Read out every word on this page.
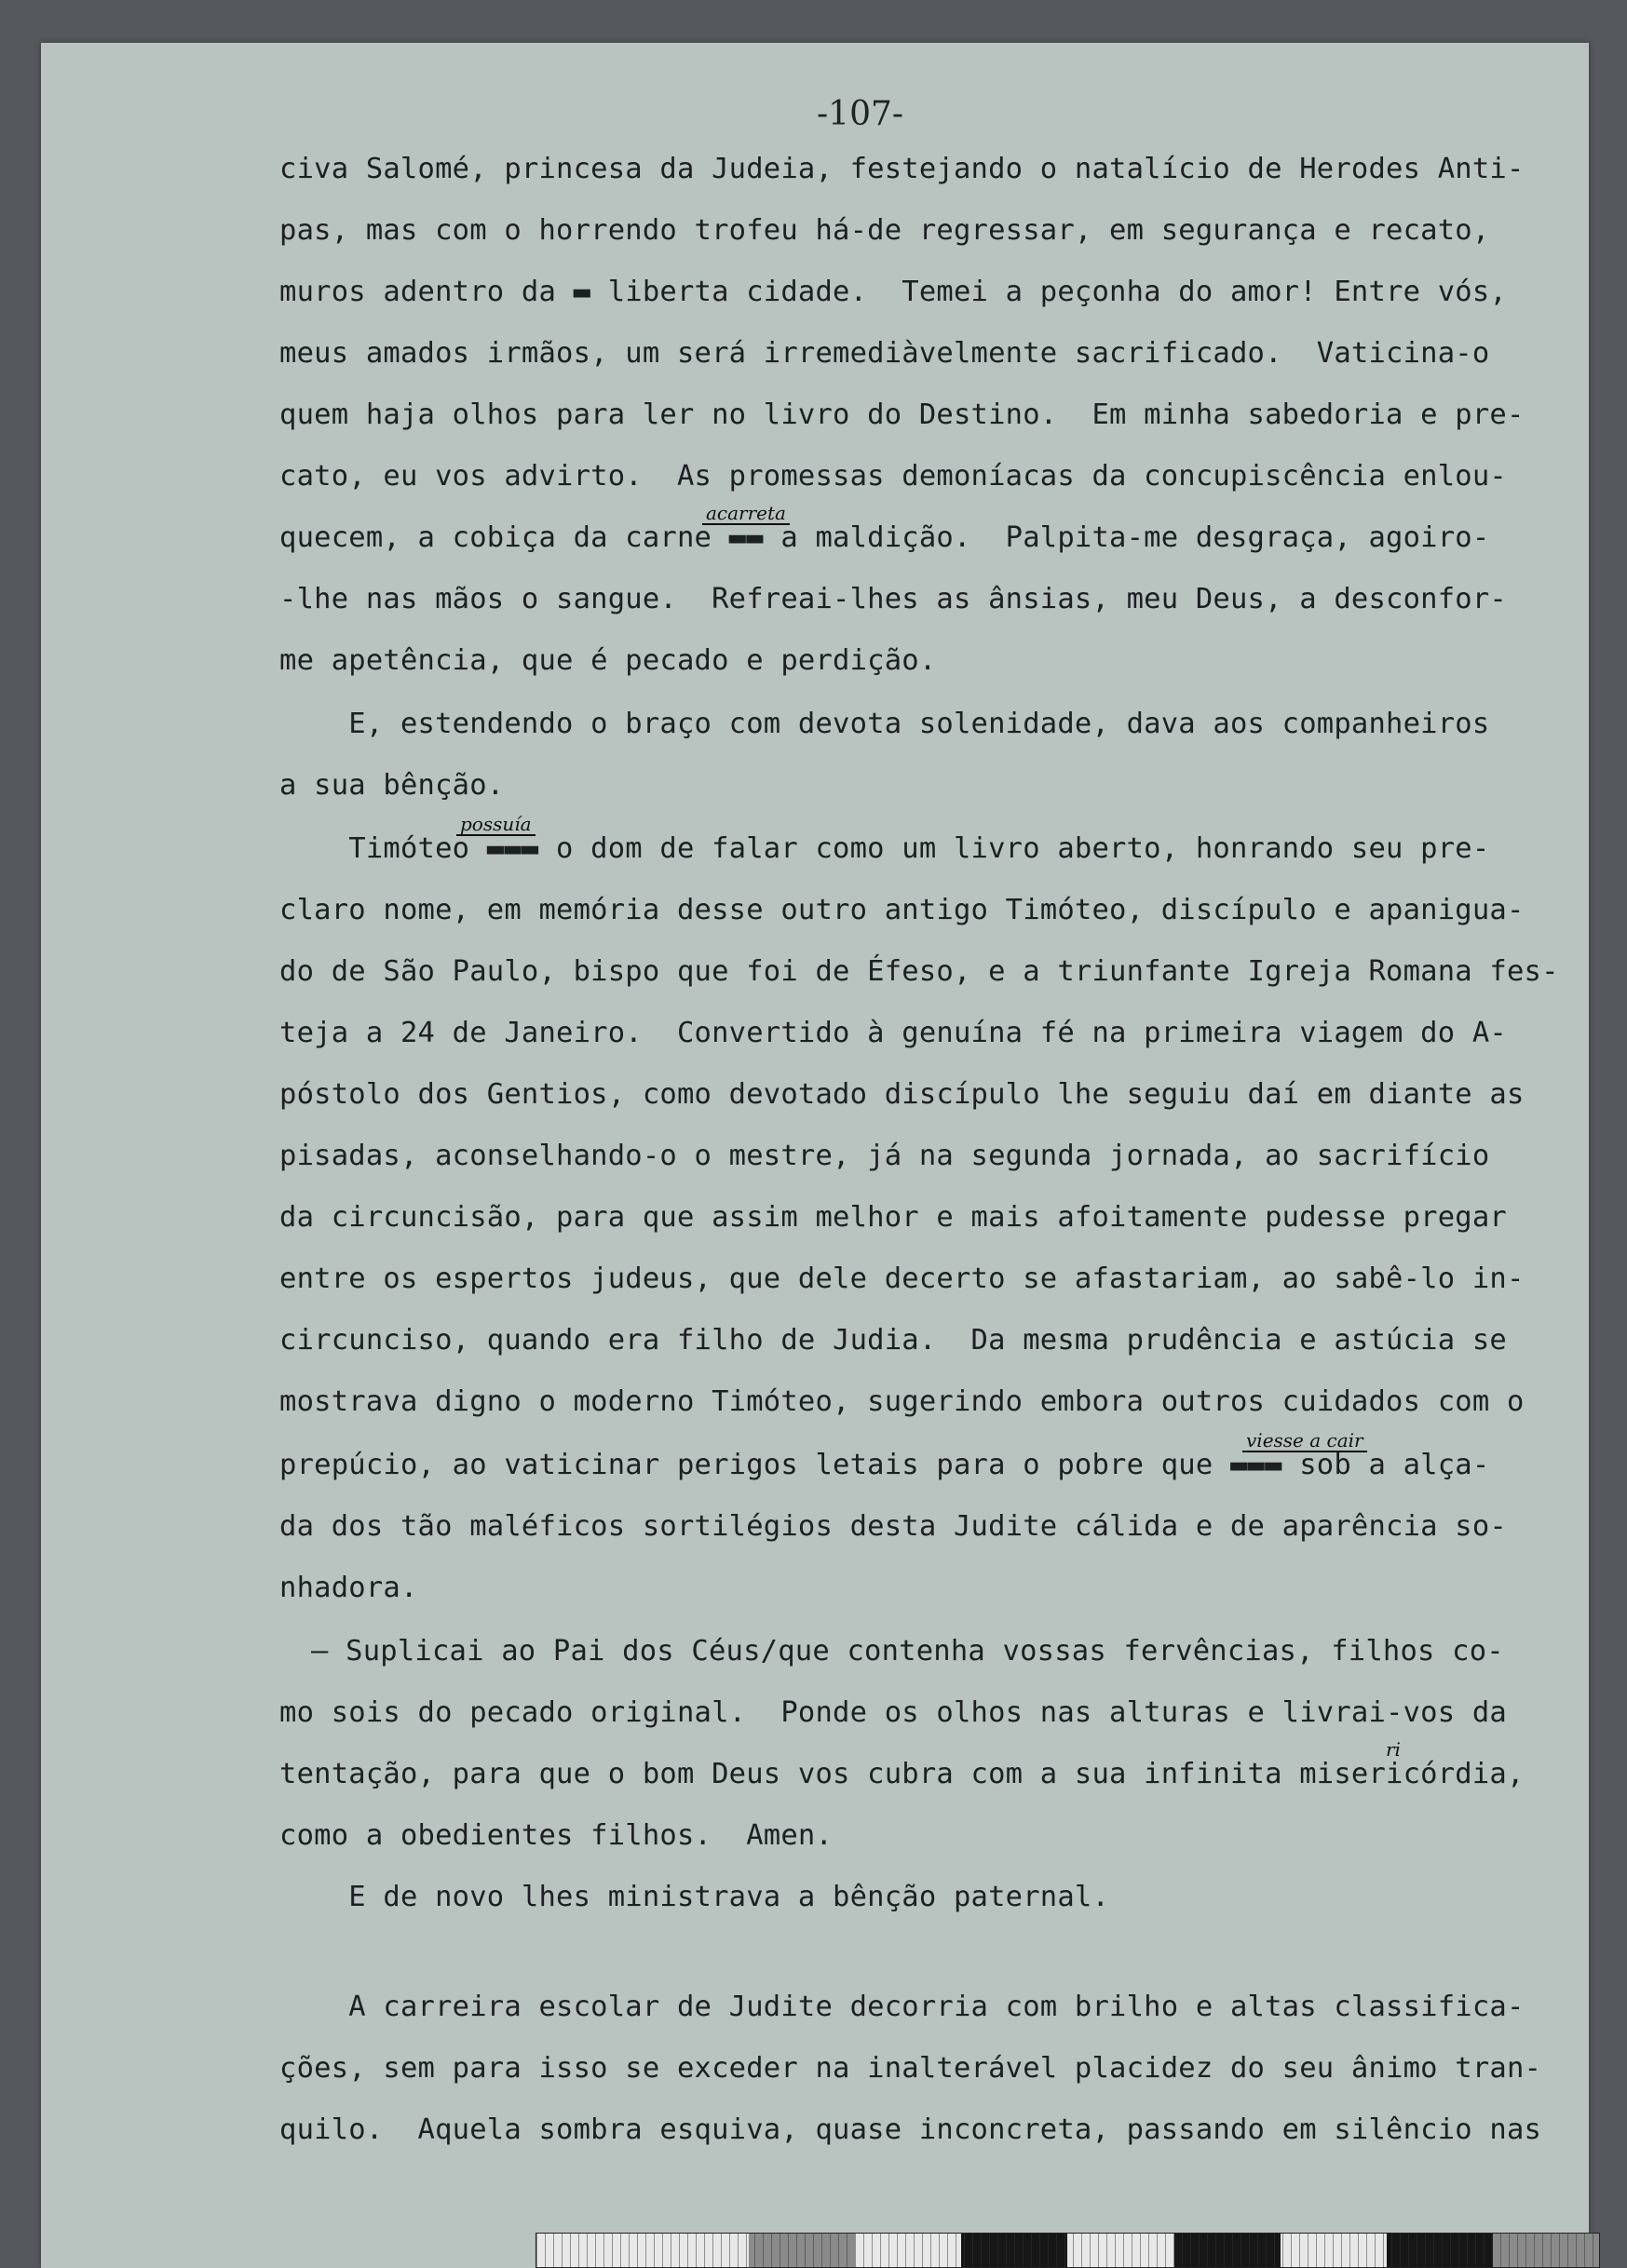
-107-
civa Salomé, princesa da Judeia, festejando o natalício de Herodes Anti-
pas, mas com o horrendo trofeu há-de regressar, em segurança e recato,
muros adentro da ▬ liberta cidade.  Temei a peçonha do amor! Entre vós,
meus amados irmãos, um será irremediàvelmente sacrificado.  Vaticina-o
quem haja olhos para ler no livro do Destino.  Em minha sabedoria e pre-
cato, eu vos advirto.  As promessas demoníacas da concupiscência enlou-
quecem, a cobiça da carne ▬▬ a maldição.  Palpita-me desgraça, agoiro-
-lhe nas mãos o sangue.  Refreai-lhes as ânsias, meu Deus, a desconfor-
me apetência, que é pecado e perdição.
E, estendendo o braço com devota solenidade, dava aos companheiros
a sua bênção.
Timóteo ▬▬▬ o dom de falar como um livro aberto, honrando seu pre-
claro nome, em memória desse outro antigo Timóteo, discípulo e apanigua-
do de São Paulo, bispo que foi de Éfeso, e a triunfante Igreja Romana fes-
teja a 24 de Janeiro.  Convertido à genuína fé na primeira viagem do A-
póstolo dos Gentios, como devotado discípulo lhe seguiu daí em diante as
pisadas, aconselhando-o o mestre, já na segunda jornada, ao sacrifício
da circuncisão, para que assim melhor e mais afoitamente pudesse pregar
entre os espertos judeus, que dele decerto se afastariam, ao sabê-lo in-
circunciso, quando era filho de Judia.  Da mesma prudência e astúcia se
mostrava digno o moderno Timóteo, sugerindo embora outros cuidados com o
prepúcio, ao vaticinar perigos letais para o pobre que ▬▬▬ sob a alça-
da dos tão maléficos sortilégios desta Judite cálida e de aparência so-
nhadora.
— Suplicai ao Pai dos Céus/que contenha vossas fervências, filhos co-
mo sois do pecado original.  Ponde os olhos nas alturas e livrai-vos da
tentação, para que o bom Deus vos cubra com a sua infinita misericórdia,
como a obedientes filhos.  Amen.
E de novo lhes ministrava a bênção paternal.
A carreira escolar de Judite decorria com brilho e altas classifica-
ções, sem para isso se exceder na inalterável placidez do seu ânimo tran-
quilo.  Aquela sombra esquiva, quase inconcreta, passando em silêncio nas
acarreta
possuía
viesse a cair
ri
